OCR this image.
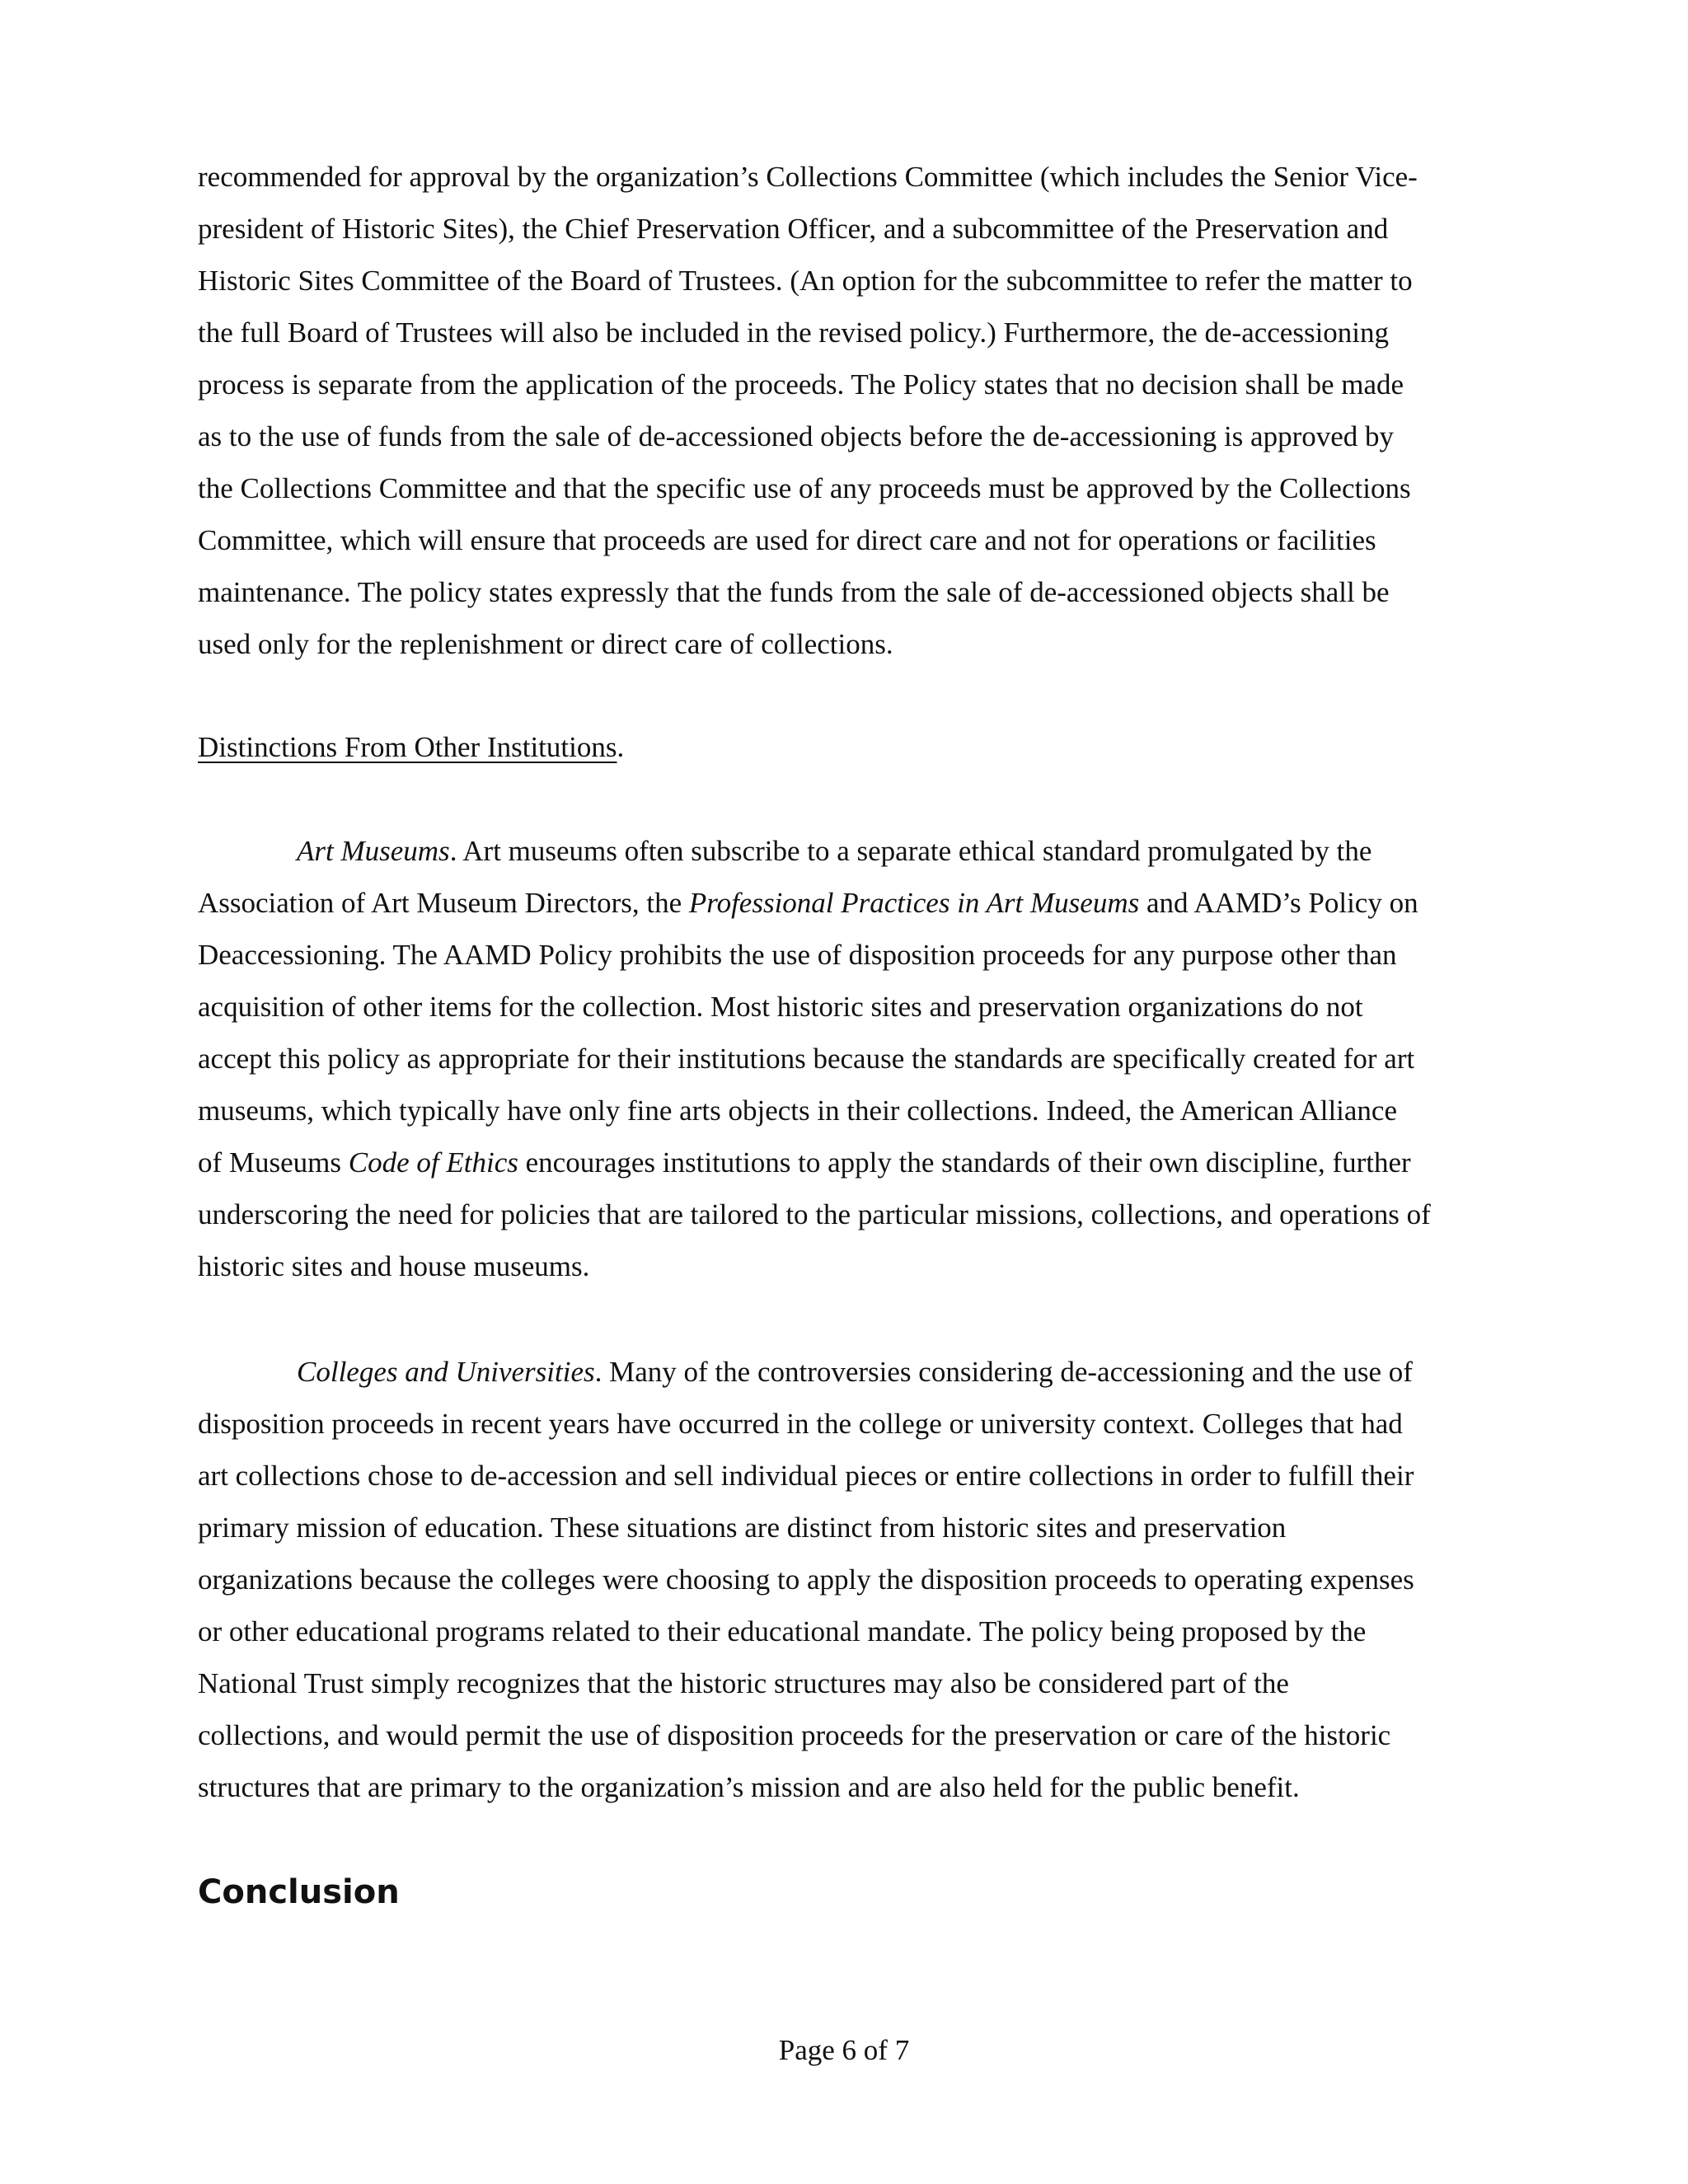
recommended for approval by the organization’s Collections Committee (which includes the Senior Vice-
president of Historic Sites), the Chief Preservation Officer, and a subcommittee of the Preservation and
Historic Sites Committee of the Board of Trustees. (An option for the subcommittee to refer the matter to
the full Board of Trustees will also be included in the revised policy.) Furthermore, the de-accessioning
process is separate from the application of the proceeds. The Policy states that no decision shall be made
as to the use of funds from the sale of de-accessioned objects before the de-accessioning is approved by
the Collections Committee and that the specific use of any proceeds must be approved by the Collections
Committee, which will ensure that proceeds are used for direct care and not for operations or facilities
maintenance. The policy states expressly that the funds from the sale of de-accessioned objects shall be
used only for the replenishment or direct care of collections.
Distinctions From Other Institutions.
Art Museums. Art museums often subscribe to a separate ethical standard promulgated by the
Association of Art Museum Directors, the Professional Practices in Art Museums and AAMD’s Policy on
Deaccessioning. The AAMD Policy prohibits the use of disposition proceeds for any purpose other than
acquisition of other items for the collection. Most historic sites and preservation organizations do not
accept this policy as appropriate for their institutions because the standards are specifically created for art
museums, which typically have only fine arts objects in their collections. Indeed, the American Alliance
of Museums Code of Ethics encourages institutions to apply the standards of their own discipline, further
underscoring the need for policies that are tailored to the particular missions, collections, and operations of
historic sites and house museums.
Colleges and Universities. Many of the controversies considering de-accessioning and the use of
disposition proceeds in recent years have occurred in the college or university context. Colleges that had
art collections chose to de-accession and sell individual pieces or entire collections in order to fulfill their
primary mission of education. These situations are distinct from historic sites and preservation
organizations because the colleges were choosing to apply the disposition proceeds to operating expenses
or other educational programs related to their educational mandate. The policy being proposed by the
National Trust simply recognizes that the historic structures may also be considered part of the
collections, and would permit the use of disposition proceeds for the preservation or care of the historic
structures that are primary to the organization’s mission and are also held for the public benefit.
Conclusion
Page 6 of 7
